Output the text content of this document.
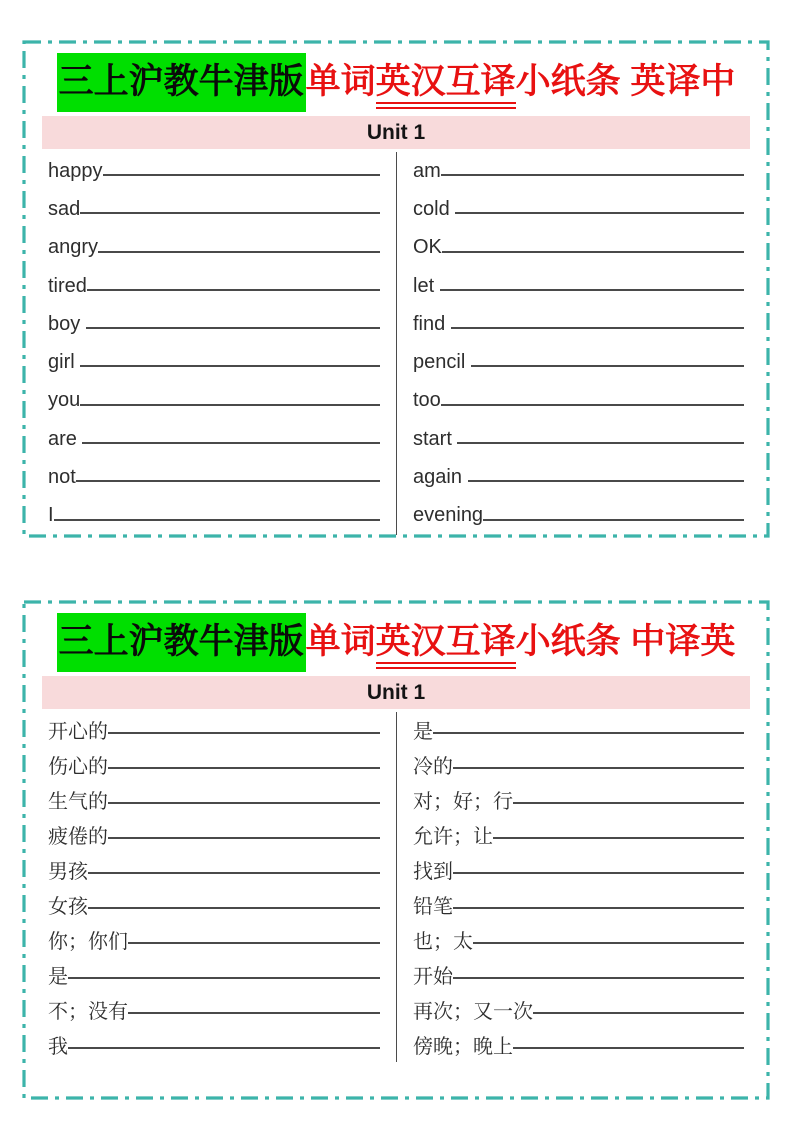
三上沪教牛津版单词英汉互译小纸条 英译中
Unit 1
happy
sad
angry
tired
boy
girl
you
are
not
I
am
cold
OK
let
find
pencil
too
start
again
evening
三上沪教牛津版单词英汉互译小纸条 中译英
Unit 1
开心的
伤心的
生气的
疲倦的
男孩
女孩
你；你们
是
不；没有
我
是
冷的
对；好；行
允许；让
找到
铅笔
也；太
开始
再次；又一次
傍晚；晚上
